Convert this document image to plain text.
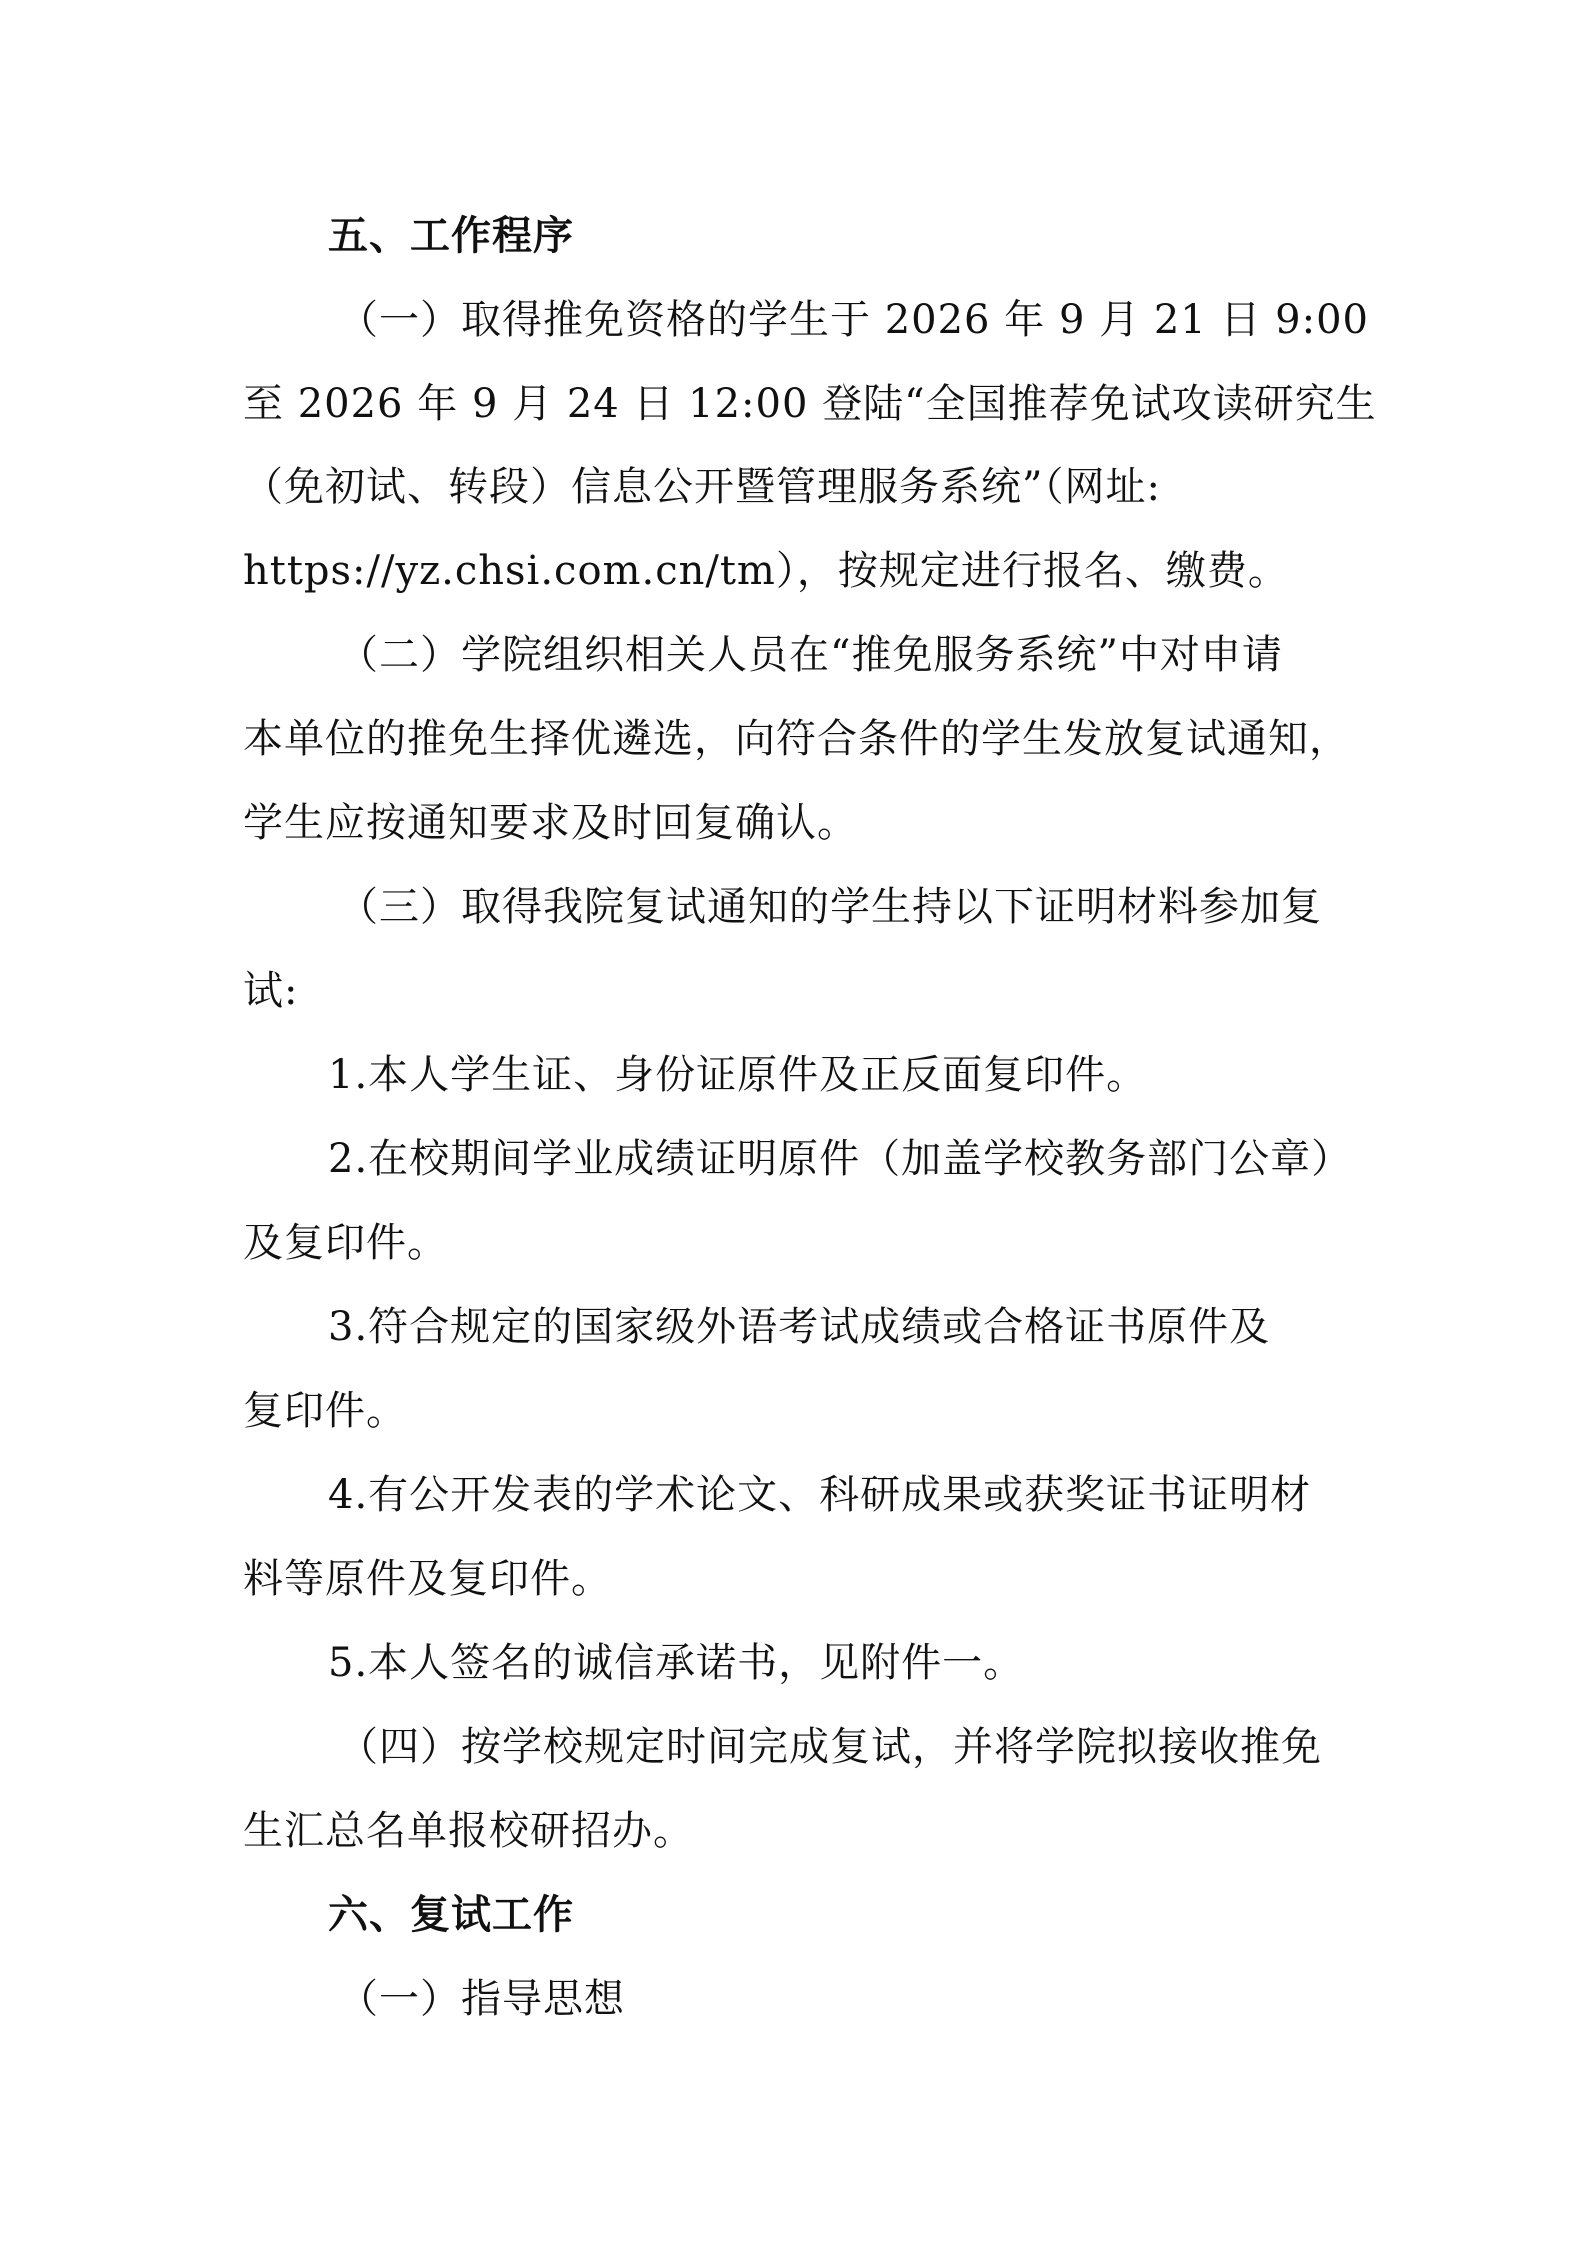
五、工作程序
（一）取得推免资格的学生于 2026 年 9 月 21 日 9:00
至 2026 年 9 月 24 日 12:00 登陆“全国推荐免试攻读研究生
（免初试、转段）信息公开暨管理服务系统”（网址:
https://yz.chsi.com.cn/tm），按规定进行报名、缴费。
（二）学院组织相关人员在“推免服务系统”中对申请
本单位的推免生择优遴选，向符合条件的学生发放复试通知，
学生应按通知要求及时回复确认。
（三）取得我院复试通知的学生持以下证明材料参加复
试:
1.本人学生证、身份证原件及正反面复印件。
2.在校期间学业成绩证明原件（加盖学校教务部门公章）
及复印件。
3.符合规定的国家级外语考试成绩或合格证书原件及
复印件。
4.有公开发表的学术论文、科研成果或获奖证书证明材
料等原件及复印件。
5.本人签名的诚信承诺书，见附件一。
（四）按学校规定时间完成复试，并将学院拟接收推免
生汇总名单报校研招办。
六、复试工作
（一）指导思想
